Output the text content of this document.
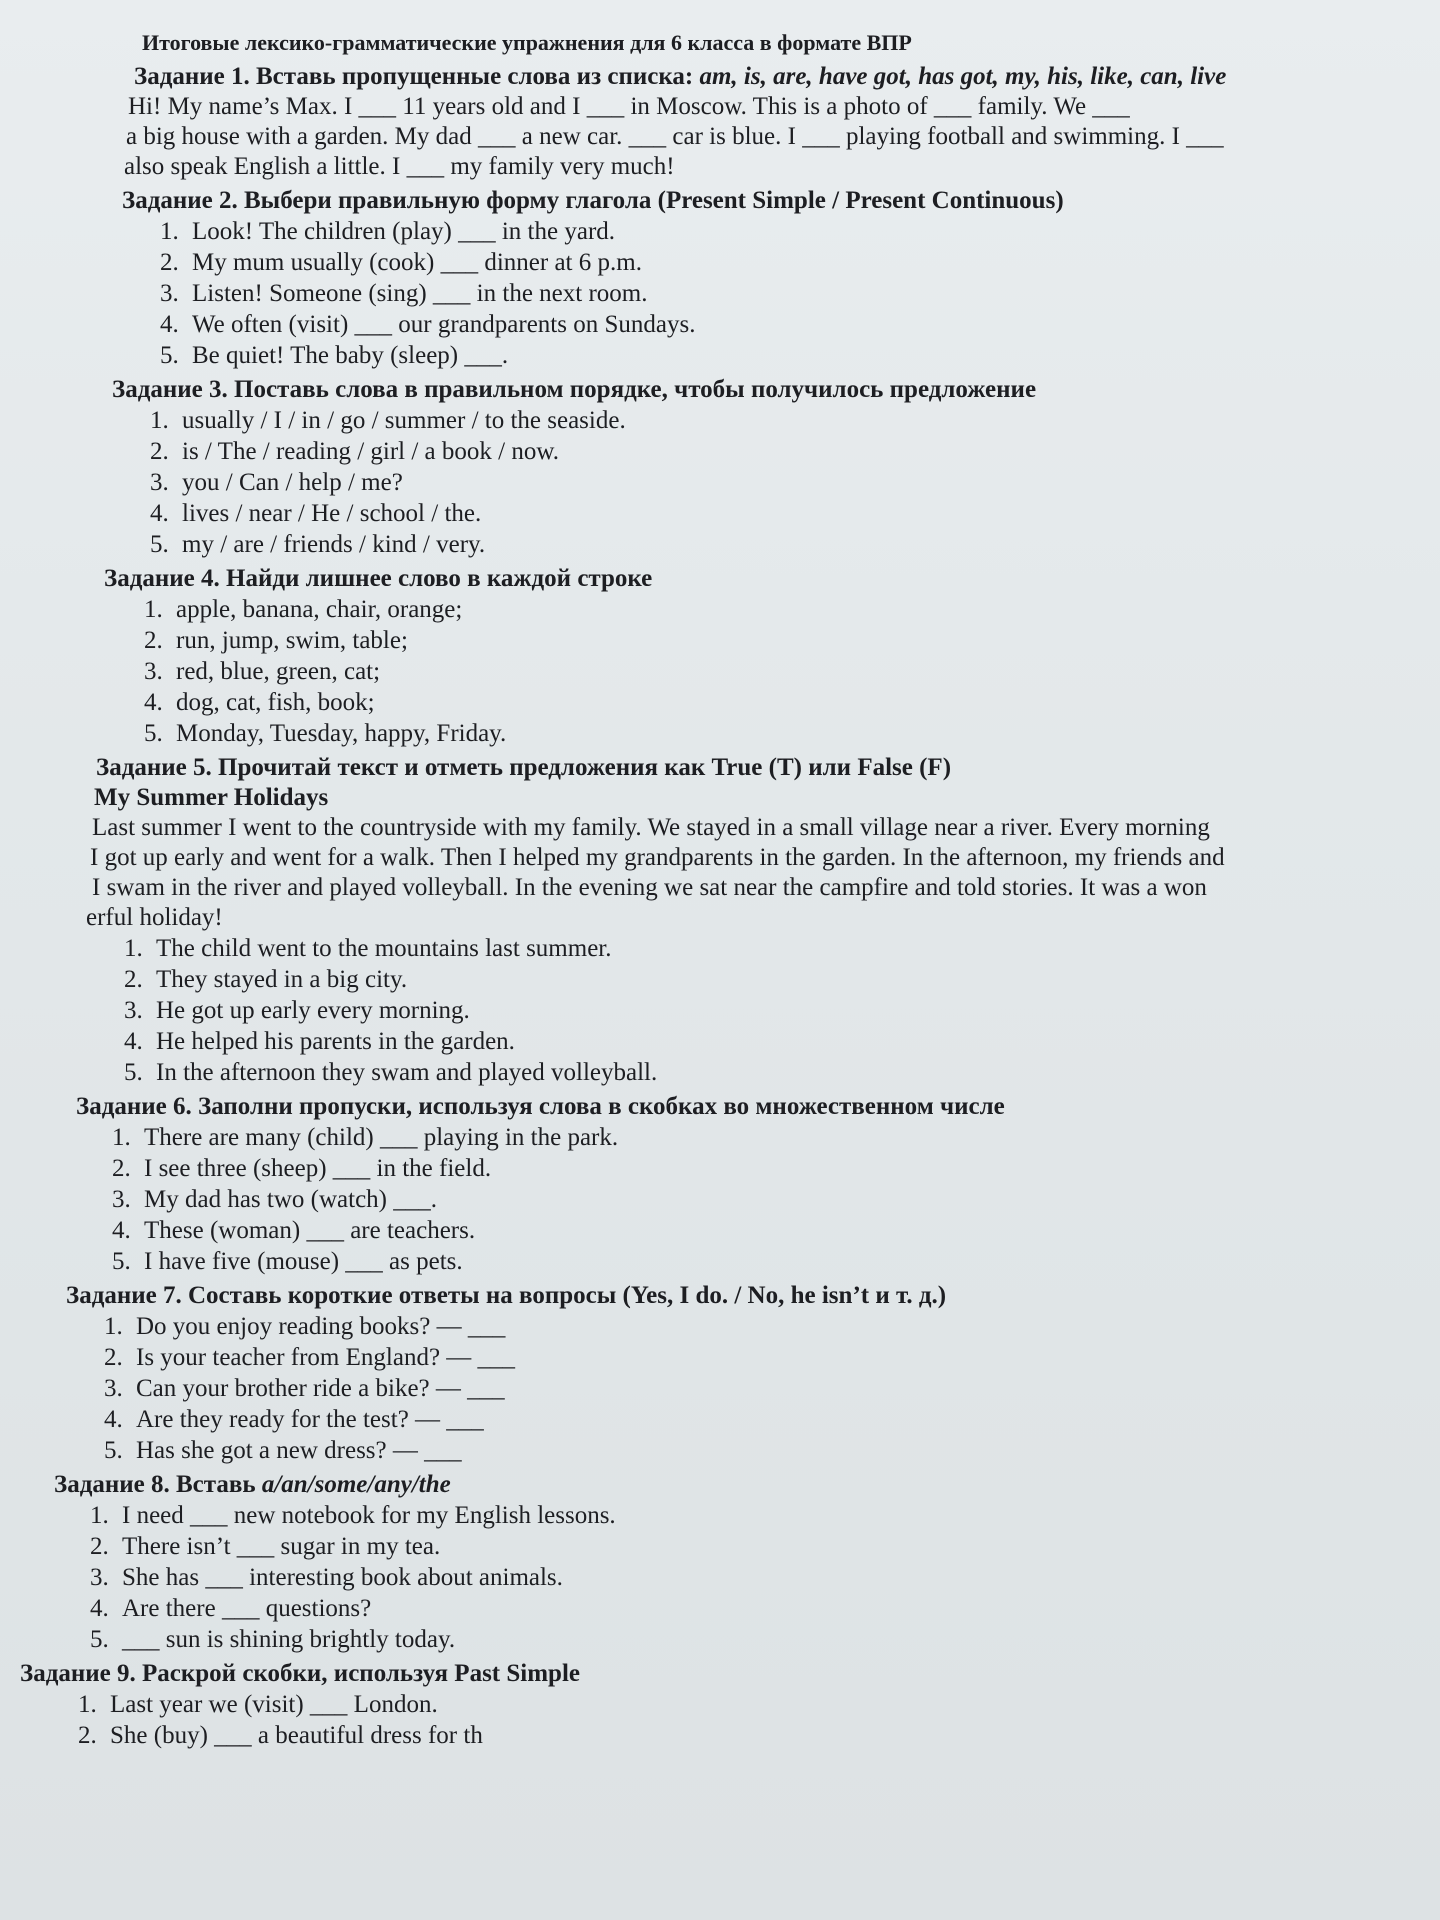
Итоговые лексико-грамматические упражнения для 6 класса в формате ВПР
Задание 1. Вставь пропущенные слова из списка: am, is, are, have got, has got, my, his, like, can, live
Hi! My name’s Max. I ___ 11 years old and I ___ in Moscow. This is a photo of ___ family. We ___
a big house with a garden. My dad ___ a new car. ___ car is blue. I ___ playing football and swimming. I ___
also speak English a little. I ___ my family very much!
Задание 2. Выбери правильную форму глагола (Present Simple / Present Continuous)
1. Look! The children (play) ___ in the yard.
2. My mum usually (cook) ___ dinner at 6 p.m.
3. Listen! Someone (sing) ___ in the next room.
4. We often (visit) ___ our grandparents on Sundays.
5. Be quiet! The baby (sleep) ___.
Задание 3. Поставь слова в правильном порядке, чтобы получилось предложение
1. usually / I / in / go / summer / to the seaside.
2. is / The / reading / girl / a book / now.
3. you / Can / help / me?
4. lives / near / He / school / the.
5. my / are / friends / kind / very.
Задание 4. Найди лишнее слово в каждой строке
1. apple, banana, chair, orange;
2. run, jump, swim, table;
3. red, blue, green, cat;
4. dog, cat, fish, book;
5. Monday, Tuesday, happy, Friday.
Задание 5. Прочитай текст и отметь предложения как True (T) или False (F)
My Summer Holidays
Last summer I went to the countryside with my family. We stayed in a small village near a river. Every morning
I got up early and went for a walk. Then I helped my grandparents in the garden. In the afternoon, my friends and
I swam in the river and played volleyball. In the evening we sat near the campfire and told stories. It was a won
erful holiday!
1. The child went to the mountains last summer.
2. They stayed in a big city.
3. He got up early every morning.
4. He helped his parents in the garden.
5. In the afternoon they swam and played volleyball.
Задание 6. Заполни пропуски, используя слова в скобках во множественном числе
1. There are many (child) ___ playing in the park.
2. I see three (sheep) ___ in the field.
3. My dad has two (watch) ___.
4. These (woman) ___ are teachers.
5. I have five (mouse) ___ as pets.
Задание 7. Составь короткие ответы на вопросы (Yes, I do. / No, he isn’t и т. д.)
1. Do you enjoy reading books? — ___
2. Is your teacher from England? — ___
3. Can your brother ride a bike? — ___
4. Are they ready for the test? — ___
5. Has she got a new dress? — ___
Задание 8. Вставь a/an/some/any/the
1. I need ___ new notebook for my English lessons.
2. There isn’t ___ sugar in my tea.
3. She has ___ interesting book about animals.
4. Are there ___ questions?
5. ___ sun is shining brightly today.
Задание 9. Раскрой скобки, используя Past Simple
1. Last year we (visit) ___ London.
2. She (buy) ___ a beautiful dress for th
